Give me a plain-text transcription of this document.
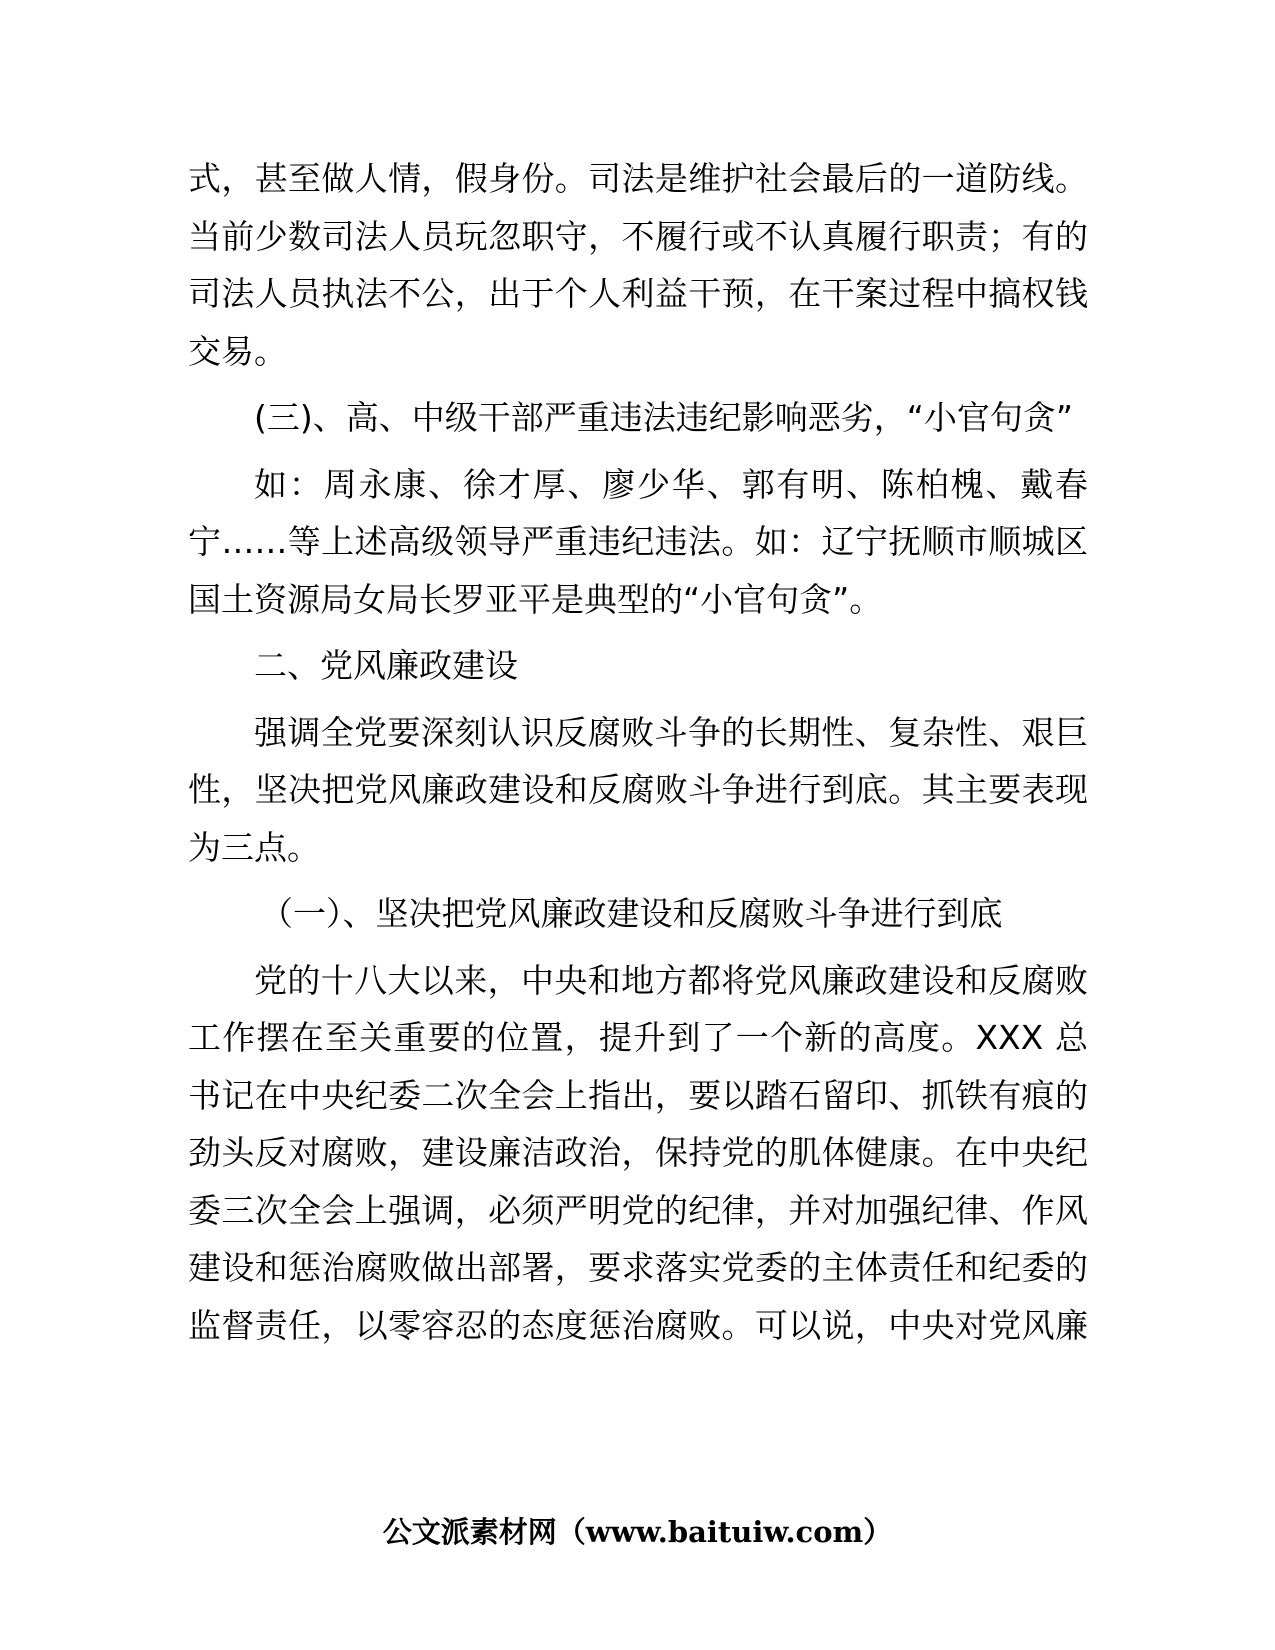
式，甚至做人情，假身份。司法是维护社会最后的一道防线。
当前少数司法人员玩忽职守，不履行或不认真履行职责；有的
司法人员执法不公，出于个人利益干预，在干案过程中搞权钱
交易。
(三)、高、中级干部严重违法违纪影响恶劣，“小官句贪”
如：周永康、徐才厚、廖少华、郭有明、陈柏槐、戴春
宁……等上述高级领导严重违纪违法。如：辽宁抚顺市顺城区
国土资源局女局长罗亚平是典型的“小官句贪”。
二、党风廉政建设
强调全党要深刻认识反腐败斗争的长期性、复杂性、艰巨
性，坚决把党风廉政建设和反腐败斗争进行到底。其主要表现
为三点。
（一）、坚决把党风廉政建设和反腐败斗争进行到底
党的十八大以来，中央和地方都将党风廉政建设和反腐败
工作摆在至关重要的位置，提升到了一个新的高度。XXX 总
书记在中央纪委二次全会上指出，要以踏石留印、抓铁有痕的
劲头反对腐败，建设廉洁政治，保持党的肌体健康。在中央纪
委三次全会上强调，必须严明党的纪律，并对加强纪律、作风
建设和惩治腐败做出部署，要求落实党委的主体责任和纪委的
监督责任，以零容忍的态度惩治腐败。可以说，中央对党风廉
公文派素材网（www.baituiw.com）
